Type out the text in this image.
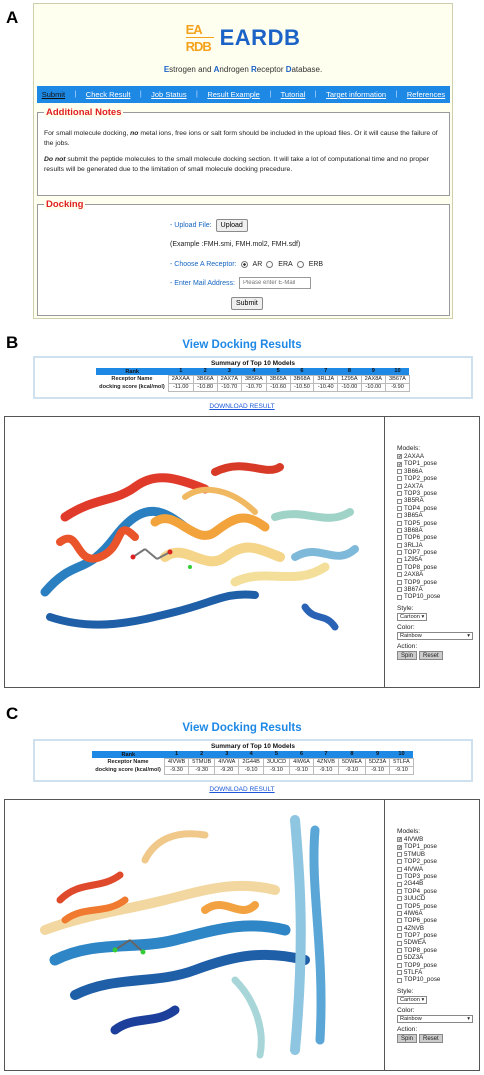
A
EA
RDB EARDB
Estrogen and Androgen Receptor Database.
Submit | Check Result | Job Status | Result Example | Tutorial | Target information | References
Additional Notes

For small molecule docking, no metal ions, free ions or salt form should be included in the upload files. Or it will cause the failure of the jobs.

Do not submit the peptide molecules to the small molecule docking section. It will take a lot of computational time and no proper results will be generated due to the limitation of small molecule docking precedure.

Docking
- Upload File:	Upload
(Example :FMH.smi, FMH.mol2, FMH.sdf)
- Choose A Receptor: AR ERA ERB
- Enter Mail Address:
Please enter E-Mail
Submit
B	View Docking Results
Summary of Top 10 Models
Rank	1	2	3	4	5	6	7	8	9	10
Receptor Name	2AXAA	3B66A	2AX7A	3B5RA	3B65A	3B68A	3RLJA	1Z95A	2AX8A	3B67A
docking score (kcal/mol)	-11.00	-10.80	-10.70	-10.70	-10.60	-10.50	-10.40	-10.00	-10.00	-9.90
DOWNLOAD RESULT
Models:
✓ 2AXAA
✓ TOP1_pose
3B66A
TOP2_pose
2AX7A
TOP3_pose
3B5RA
TOP4_pose
3B65A
TOP5_pose
3B68A
TOP6_pose
3RLJA
TOP7_pose
1Z95A
TOP8_pose
2AX8A
TOP9_pose
3B67A
TOP10_pose
Style:
Cartoon ▾
Color:
Rainbow	▾
Action:
Spin Reset
C
View Docking Results
Summary of Top 10 Models
Rank	1	2	3	4	5	6	7	8	9	10
Receptor Name	4IVWB	5TMUB	4IVWA	2G44B	3UUCD	4IW6A	4ZNVB	5DWEA	5DZ3A	5TLFA
docking score (kcal/mol)	-9.30	-9.30	-9.20	-9.10	-9.10	-9.10	-9.10	-9.10	-9.10	-9.10
DOWNLOAD RESULT
Models:
✓ 4IVWB
✓ TOP1_pose
5TMUB
TOP2_pose
4IVWA
TOP3_pose
2G44B
TOP4_pose
3UUCD
TOP5_pose
4IW6A
TOP6_pose
4ZNVB
TOP7_pose
5DWEA
TOP8_pose
5DZ3A
TOP9_pose
5TLFA
TOP10_pose
Style:
Cartoon ▾
Color:
Rainbow	▾
Action:
Spin Reset
